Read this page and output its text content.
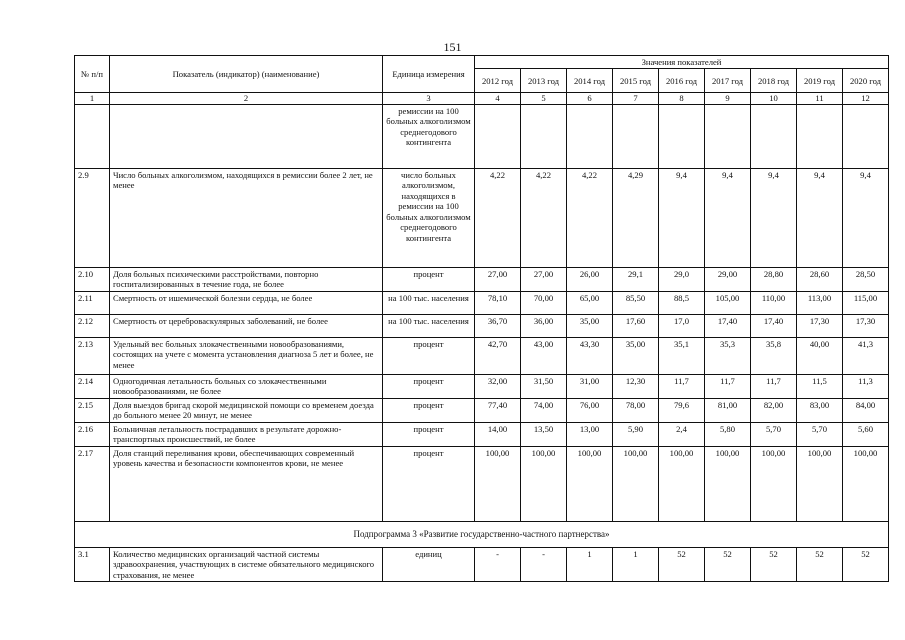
151
№ п/п	Показатель (индикатор) (наименование)	Единица измерения	Значения показателей								
			2012 год	2013 год	2014 год	2015 год	2016 год	2017 год	2018 год	2019 год	2020 год
1	2	3	4	5	6	7	8	9	10	11	12
		ремиссии на 100 больных алкоголизмом среднегодового контингента									
2.9	Число больных алкоголизмом, находящихся в ремиссии более 2 лет, не менее	число больных алкоголизмом, находящихся в ремиссии на 100 больных алкоголизмом среднегодового контингента	4,22	4,22	4,22	4,29	9,4	9,4	9,4	9,4	9,4
2.10	Доля больных психическими расстройствами, повторно госпитализированных в течение года, не более	процент	27,00	27,00	26,00	29,1	29,0	29,00	28,80	28,60	28,50
2.11	Смертность от ишемической болезни сердца, не более	на 100 тыс. населения	78,10	70,00	65,00	85,50	88,5	105,00	110,00	113,00	115,00
2.12	Смертность от цереброваскулярных заболеваний, не более	на 100 тыс. населения	36,70	36,00	35,00	17,60	17,0	17,40	17,40	17,30	17,30
2.13	Удельный вес больных злокачественными новообразованиями, состоящих на учете с момента установления диагноза 5 лет и более, не менее	процент	42,70	43,00	43,30	35,00	35,1	35,3	35,8	40,00	41,3
2.14	Одногодичная летальность больных со злокачественными новообразованиями, не более	процент	32,00	31,50	31,00	12,30	11,7	11,7	11,7	11,5	11,3
2.15	Доля выездов бригад скорой медицинской помощи со временем доезда до больного менее 20 минут, не менее	процент	77,40	74,00	76,00	78,00	79,6	81,00	82,00	83,00	84,00
2.16	Больничная летальность пострадавших в результате дорожно-транспортных происшествий, не более	процент	14,00	13,50	13,00	5,90	2,4	5,80	5,70	5,70	5,60
2.17	Доля станций переливания крови, обеспечивающих современный уровень качества и безопасности компонентов крови, не менее	процент	100,00	100,00	100,00	100,00	100,00	100,00	100,00	100,00	100,00
Подпрограмма 3 «Развитие государственно-частного партнерства»											
3.1	Количество медицинских организаций частной системы здравоохранения, участвующих в системе обязательного медицинского страхования, не менее	единиц	-	-	1	1	52	52	52	52	52
